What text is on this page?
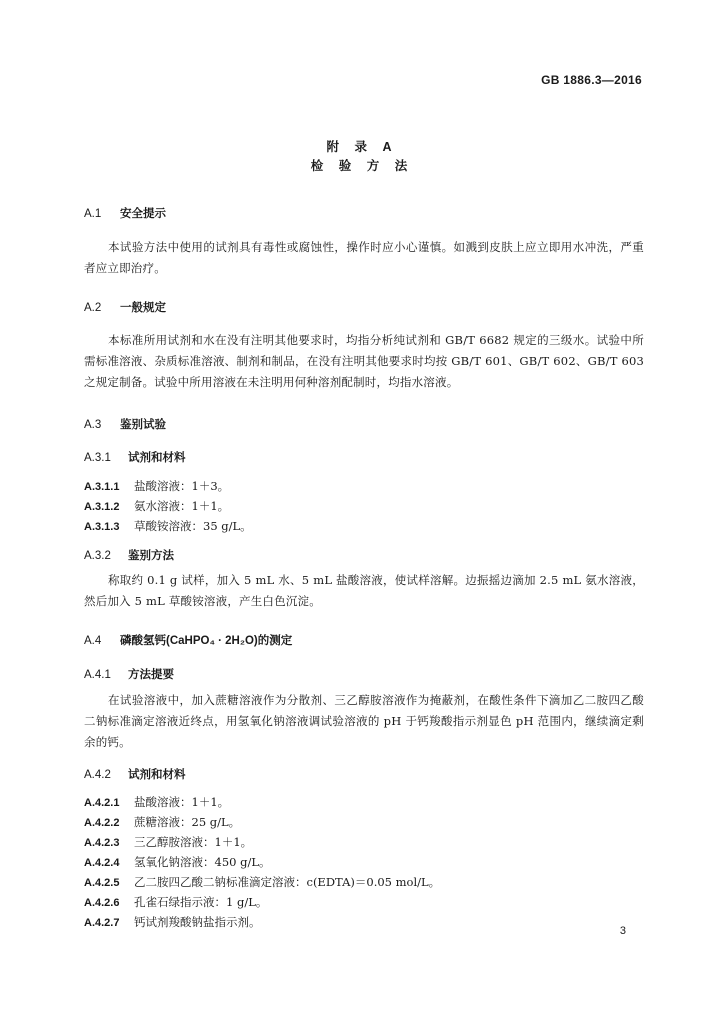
GB 1886.3—2016
附 录 A
检 验 方 法
A.1 安全提示
本试验方法中使用的试剂具有毒性或腐蚀性，操作时应小心谨慎。如溅到皮肤上应立即用水冲洗，严重者应立即治疗。
A.2 一般规定
本标准所用试剂和水在没有注明其他要求时，均指分析纯试剂和 GB/T 6682 规定的三级水。试验中所需标准溶液、杂质标准溶液、制剂和制品，在没有注明其他要求时均按 GB/T 601、GB/T 602、GB/T 603之规定制备。试验中所用溶液在未注明用何种溶剂配制时，均指水溶液。
A.3 鉴别试验
A.3.1 试剂和材料
A.3.1.1 盐酸溶液：1＋3。
A.3.1.2 氨水溶液：1＋1。
A.3.1.3 草酸铵溶液：35 g/L。
A.3.2 鉴别方法
称取约 0.1 g 试样，加入 5 mL 水、5 mL 盐酸溶液，使试样溶解。边振摇边滴加 2.5 mL 氨水溶液，然后加入 5 mL 草酸铵溶液，产生白色沉淀。
A.4 磷酸氢钙(CaHPO₄ · 2H₂O)的测定
A.4.1 方法提要
在试验溶液中，加入蔗糖溶液作为分散剂、三乙醇胺溶液作为掩蔽剂，在酸性条件下滴加乙二胺四乙酸二钠标准滴定溶液近终点，用氢氧化钠溶液调试验溶液的 pH 于钙羧酸指示剂显色 pH 范围内，继续滴定剩余的钙。
A.4.2 试剂和材料
A.4.2.1 盐酸溶液：1＋1。
A.4.2.2 蔗糖溶液：25 g/L。
A.4.2.3 三乙醇胺溶液：1＋1。
A.4.2.4 氢氧化钠溶液：450 g/L。
A.4.2.5 乙二胺四乙酸二钠标准滴定溶液：c(EDTA)＝0.05 mol/L。
A.4.2.6 孔雀石绿指示液：1 g/L。
A.4.2.7 钙试剂羧酸钠盐指示剂。
3
